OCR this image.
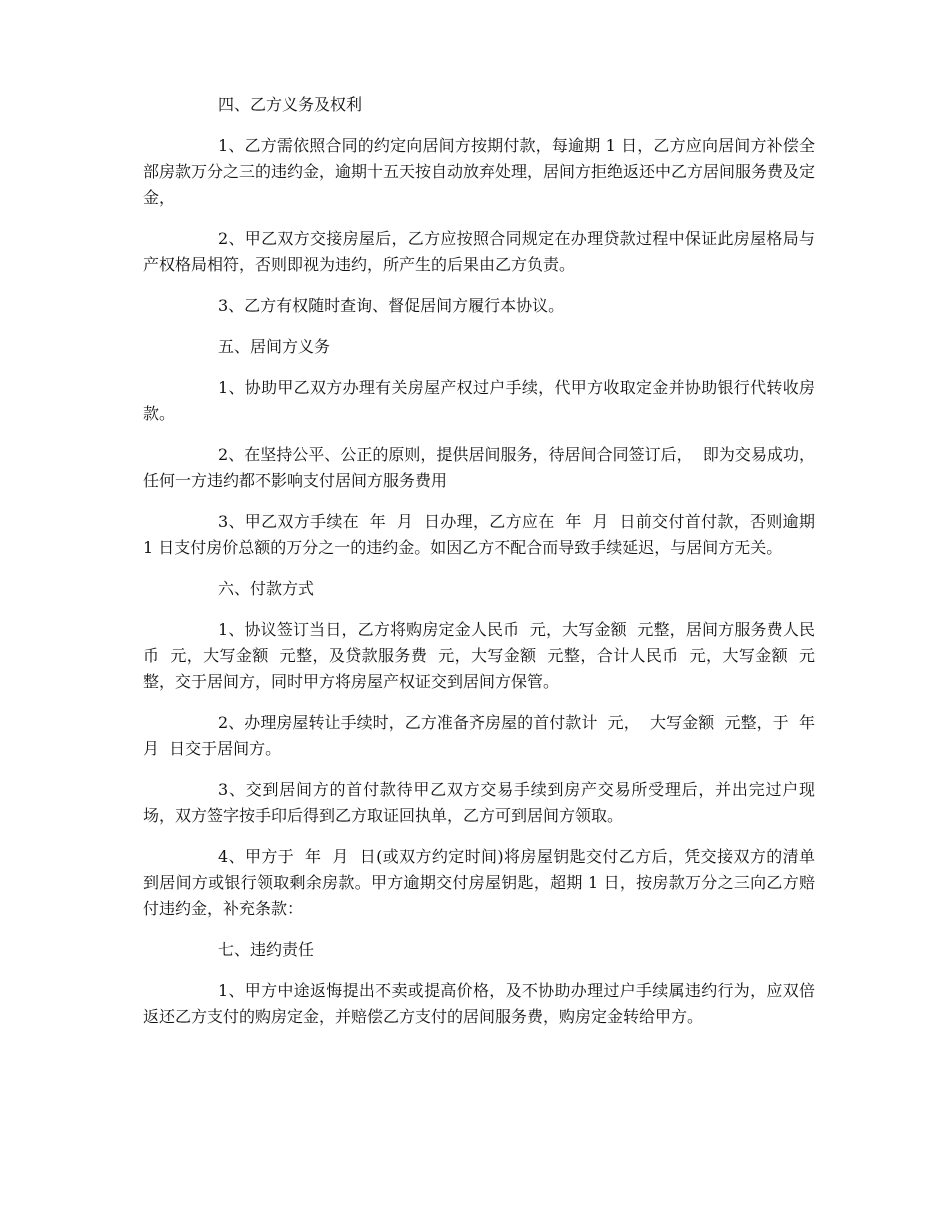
四、乙方义务及权利

1、乙方需依照合同的约定向居间方按期付款，每逾期 1 日，乙方应向居间方补偿全部房款万分之三的违约金，逾期十五天按自动放弃处理，居间方拒绝返还中乙方居间服务费及定金，

2、甲乙双方交接房屋后，乙方应按照合同规定在办理贷款过程中保证此房屋格局与产权格局相符，否则即视为违约，所产生的后果由乙方负责。

3、乙方有权随时查询、督促居间方履行本协议。

五、居间方义务

1、协助甲乙双方办理有关房屋产权过户手续，代甲方收取定金并协助银行代转收房款。

2、在坚持公平、公正的原则，提供居间服务，待居间合同签订后，  即为交易成功，任何一方违约都不影响支付居间方服务费用

3、甲乙双方手续在  年  月  日办理，乙方应在  年  月  日前交付首付款，否则逾期 1 日支付房价总额的万分之一的违约金。如因乙方不配合而导致手续延迟，与居间方无关。

六、付款方式

1、协议签订当日，乙方将购房定金人民币  元，大写金额  元整，居间方服务费人民币  元，大写金额  元整，及贷款服务费  元，大写金额  元整，合计人民币  元，大写金额  元整，交于居间方，同时甲方将房屋产权证交到居间方保管。

2、办理房屋转让手续时，乙方准备齐房屋的首付款计  元，  大写金额  元整，于  年  月  日交于居间方。

3、交到居间方的首付款待甲乙双方交易手续到房产交易所受理后，并出完过户现场，双方签字按手印后得到乙方取证回执单，乙方可到居间方领取。

4、甲方于  年  月  日(或双方约定时间)将房屋钥匙交付乙方后，凭交接双方的清单到居间方或银行领取剩余房款。甲方逾期交付房屋钥匙，超期 1 日，按房款万分之三向乙方赔付违约金，补充条款：

七、违约责任

1、甲方中途返悔提出不卖或提高价格，及不协助办理过户手续属违约行为，应双倍返还乙方支付的购房定金，并赔偿乙方支付的居间服务费，购房定金转给甲方。
